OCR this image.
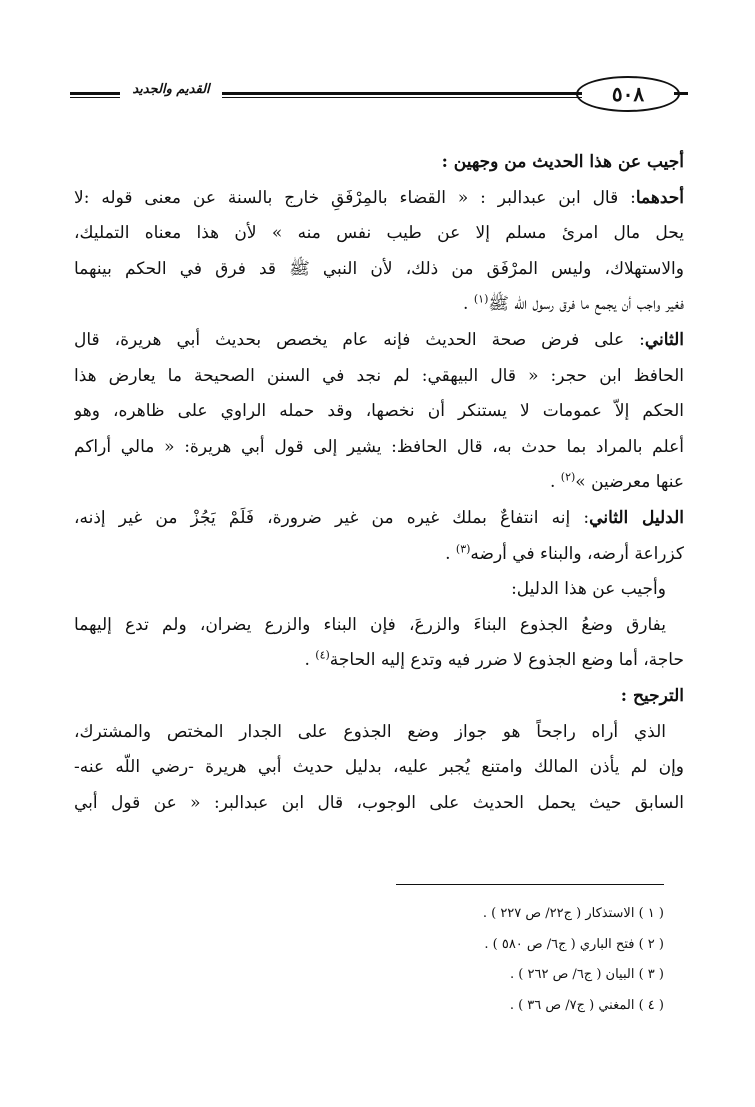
القديم والجديد	٥٠٨
أجيب عن هذا الحديث من وجهين :
أحدهما: قال ابن عبدالبر : « القضاء بالمِرْفَقِ خارج بالسنة عن معنى قوله :لا
يحل مال امرئ مسلم إلا عن طيب نفس منه » لأن هذا معناه التمليك،
والاستهلاك، وليس المرْفَق من ذلك، لأن النبي ﷺ قد فرق في الحكم بينهما
فغير واجب أن يجمع ما فرق رسول اللّه ﷺ$^{(١)}$ .
الثاني: على فرض صحة الحديث فإنه عام يخصص بحديث أبي هريرة، قال
الحافظ ابن حجر: « قال البيهقي: لم نجد في السنن الصحيحة ما يعارض هذا
الحكم إلاّ عمومات لا يستنكر أن نخصها، وقد حمله الراوي على ظاهره، وهو
أعلم بالمراد بما حدث به، قال الحافظ: يشير إلى قول أبي هريرة: « مالي أراكم
عنها معرضين »$^{(٢)}$ .
الدليل الثاني: إنه انتفاعٌ بملك غيره من غير ضرورة، فَلَمْ يَجُزْ من غير إذنه،
كزراعة أرضه، والبناء في أرضه$^{(٣)}$ .
وأجيب عن هذا الدليل:
يفارق وضعُ الجذوع البناءَ والزرعَ، فإن البناء والزرع يضران، ولم تدع إليهما
حاجة، أما وضع الجذوع لا ضرر فيه وتدع إليه الحاجة$^{(٤)}$ .
الترجيح :
الذي أراه راجحاً هو جواز وضع الجذوع على الجدار المختص والمشترك،
وإن لم يأذن المالك وامتنع يُجبر عليه، بدليل حديث أبي هريرة -رضي اللّه عنه-
السابق حيث يحمل الحديث على الوجوب، قال ابن عبدالبر: « عن قول أبي
( ١ ) الاستذكار ( ج٢٢/ ص ٢٢٧ ) .
( ٢ ) فتح الباري ( ج٦/ ص ٥٨٠ ) .
( ٣ ) البيان ( ج٦/ ص ٢٦٢ ) .
( ٤ ) المغني ( ج٧/ ص ٣٦ ) .
